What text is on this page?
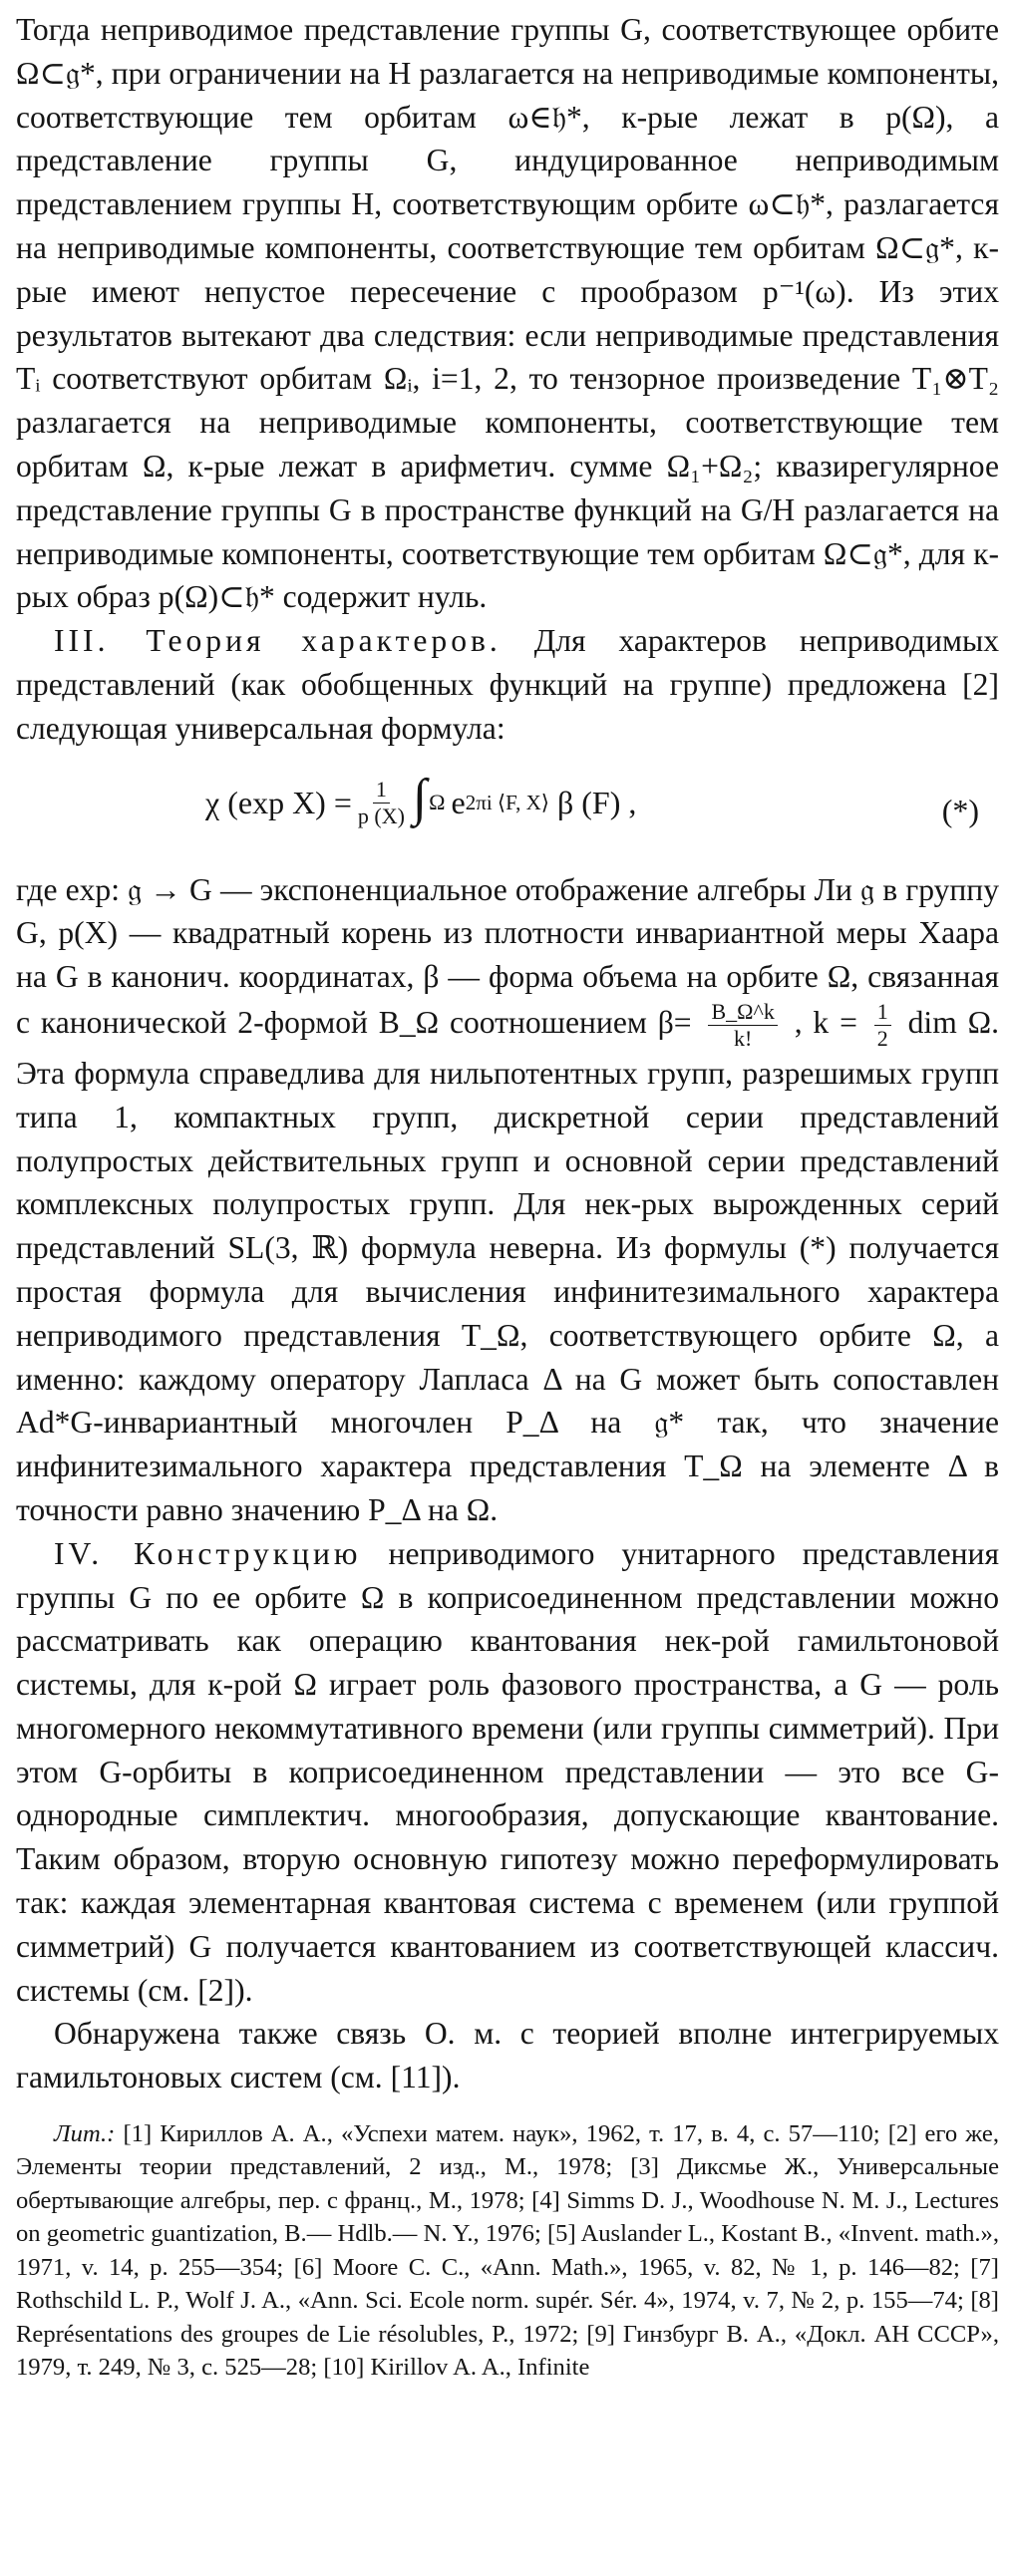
Тогда неприводимое представление группы G, соответствующее орбите Ω⊂𝔤*, при ограничении на H разлагается на неприводимые компоненты, соответствующие тем орбитам ω∈𝔥*, к-рые лежат в p(Ω), а представление группы G, индуцированное неприводимым представлением группы H, соответствующим орбите ω⊂𝔥*, разлагается на неприводимые компоненты, соответствующие тем орбитам Ω⊂𝔤*, к-рые имеют непустое пересечение с прообразом p⁻¹(ω). Из этих результатов вытекают два следствия: если неприводимые представления Tᵢ соответствуют орбитам Ωᵢ, i=1, 2, то тензорное произведение T₁⊗T₂ разлагается на неприводимые компоненты, соответствующие тем орбитам Ω, к-рые лежат в арифметич. сумме Ω₁+Ω₂; квазирегулярное представление группы G в пространстве функций на G/H разлагается на неприводимые компоненты, соответствующие тем орбитам Ω⊂𝔤*, для к-рых образ p(Ω)⊂𝔥* содержит нуль.

III. Теория характеров. Для характеров неприводимых представлений (как обобщенных функций на группе) предложена [2] следующая универсальная формула:

χ (exp $X) = \frac{1}{p (X)}$ ∫ Ω e 2πi ⟨F, X⟩ β (F) ,	(*)

где exp: 𝔤 → G — экспоненциальное отображение алгебры Ли 𝔤 в группу G, p(X) — квадратный корень из плотности инвариантной меры Хаара на G в канонич. координатах, β — форма объема на орбите Ω, связанная с канонической 2-формой B_Ω соотношением $\beta= \frac{B\_\Omega\^{}k}{k!}$ , $k = \frac{1}{2}$ dim Ω. Эта формула справедлива для нильпотентных групп, разрешимых групп типа 1, компактных групп, дискретной серии представлений полупростых действительных групп и основной серии представлений комплексных полупростых групп. Для нек-рых вырожденных серий представлений SL(3, ℝ) формула неверна. Из формулы (*) получается простая формула для вычисления инфинитезимального характера неприводимого представления T_Ω, соответствующего орбите Ω, а именно: каждому оператору Лапласа Δ на G может быть сопоставлен Ad*G-инвариантный многочлен P_Δ на 𝔤* так, что значение инфинитезимального характера представления T_Ω на элементе Δ в точности равно значению P_Δ на Ω.

IV. Конструкцию неприводимого унитарного представления группы G по ее орбите Ω в коприсоединенном представлении можно рассматривать как операцию квантования нек-рой гамильтоновой системы, для к-рой Ω играет роль фазового пространства, а G — роль многомерного некоммутативного времени (или группы симметрий). При этом G-орбиты в коприсоединенном представлении — это все G-однородные симплектич. многообразия, допускающие квантование. Таким образом, вторую основную гипотезу можно переформулировать так: каждая элементарная квантовая система с временем (или группой симметрий) G получается квантованием из соответствующей классич. системы (см. [2]).

Обнаружена также связь О. м. с теорией вполне интегрируемых гамильтоновых систем (см. [11]).

Лит.: [1] Кириллов А. А., «Успехи матем. наук», 1962, т. 17, в. 4, с. 57—110; [2] его же, Элементы теории представлений, 2 изд., М., 1978; [3] Диксмье Ж., Универсальные обертывающие алгебры, пер. с франц., М., 1978; [4] Simms D. J., Woodhouse N. M. J., Lectures on geometric guantization, B.— Hdlb.— N. Y., 1976; [5] Auslander L., Kostant B., «Invent. math.», 1971, v. 14, p. 255—354; [6] Moore C. C., «Ann. Math.», 1965, v. 82, № 1, p. 146—82; [7] Rothschild L. P., Wolf J. A., «Ann. Sci. Ecole norm. supér. Sér. 4», 1974, v. 7, № 2, p. 155—74; [8] Représentations des groupes de Lie résolubles, P., 1972; [9] Гинзбург В. А., «Докл. АН СССР», 1979, т. 249, № 3, с. 525—28; [10] Kirillov A. A., Infinite
